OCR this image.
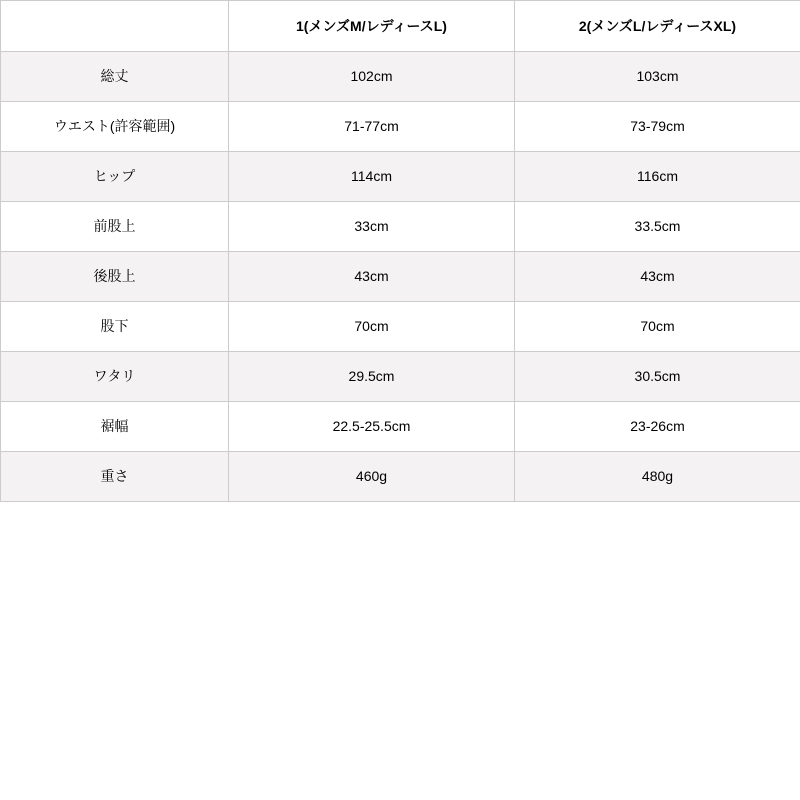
	1(メンズM/レディースL)	2(メンズL/レディースXL)
総丈	102cm	103cm
ウエスト(許容範囲)	71-77cm	73-79cm
ヒップ	114cm	116cm
前股上	33cm	33.5cm
後股上	43cm	43cm
股下	70cm	70cm
ワタリ	29.5cm	30.5cm
裾幅	22.5-25.5cm	23-26cm
重さ	460g	480g
